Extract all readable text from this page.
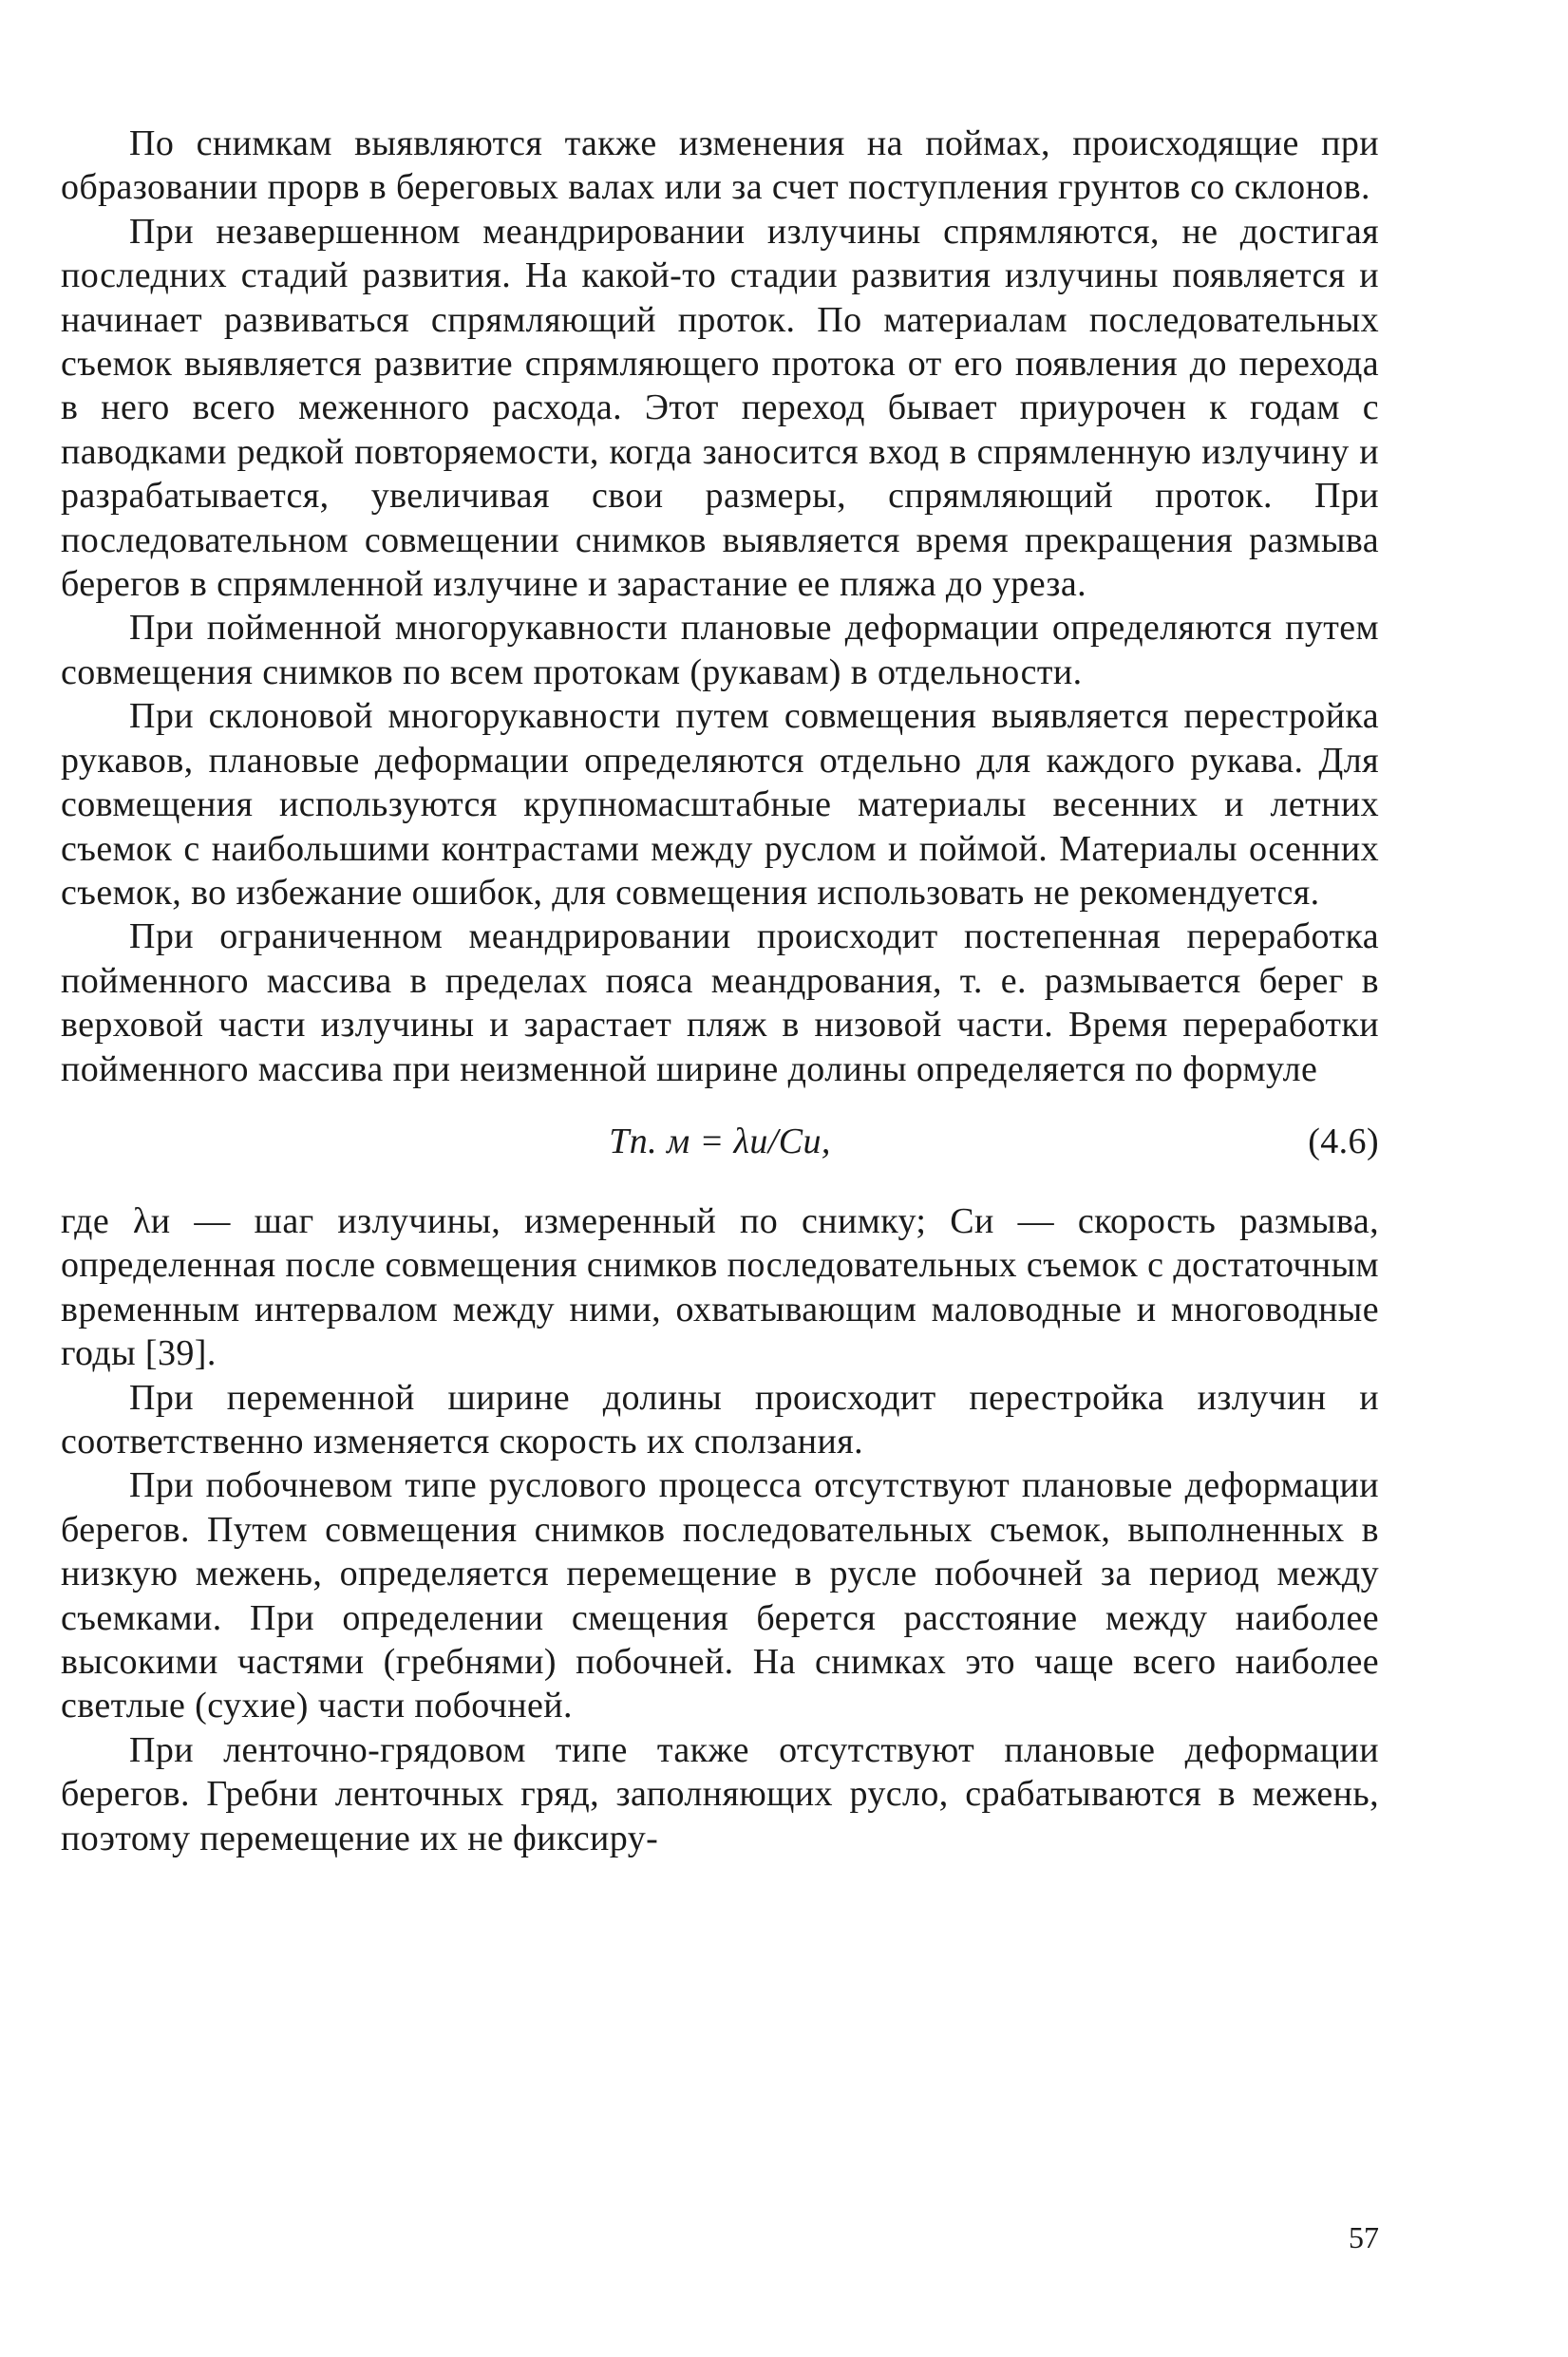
По снимкам выявляются также изменения на поймах, происходящие при образовании прорв в береговых валах или за счет поступления грунтов со склонов.

При незавершенном меандрировании излучины спрямляются, не достигая последних стадий развития. На какой-то стадии развития излучины появляется и начинает развиваться спрямляющий проток. По материалам последовательных съемок выявляется развитие спрямляющего протока от его появления до перехода в него всего меженного расхода. Этот переход бывает приурочен к годам с паводками редкой повторяемости, когда заносится вход в спрямленную излучину и разрабатывается, увеличивая свои размеры, спрямляющий проток. При последовательном совмещении снимков выявляется время прекращения размыва берегов в спрямленной излучине и зарастание ее пляжа до уреза.

При пойменной многорукавности плановые деформации определяются путем совмещения снимков по всем протокам (рукавам) в отдельности.

При склоновой многорукавности путем совмещения выявляется перестройка рукавов, плановые деформации определяются отдельно для каждого рукава. Для совмещения используются крупномасштабные материалы весенних и летних съемок с наибольшими контрастами между руслом и поймой. Материалы осенних съемок, во избежание ошибок, для совмещения использовать не рекомендуется.

При ограниченном меандрировании происходит постепенная переработка пойменного массива в пределах пояса меандрования, т. е. размывается берег в верховой части излучины и зарастает пляж в низовой части. Время переработки пойменного массива при неизменной ширине долины определяется по формуле

Tп. м = λи/Cи,	(4.6)

где λи — шаг излучины, измеренный по снимку; Cи — скорость размыва, определенная после совмещения снимков последовательных съемок с достаточным временным интервалом между ними, охватывающим маловодные и многоводные годы [39].

При переменной ширине долины происходит перестройка излучин и соответственно изменяется скорость их сползания.

При побочневом типе руслового процесса отсутствуют плановые деформации берегов. Путем совмещения снимков последовательных съемок, выполненных в низкую межень, определяется перемещение в русле побочней за период между съемками. При определении смещения берется расстояние между наиболее высокими частями (гребнями) побочней. На снимках это чаще всего наиболее светлые (сухие) части побочней.

При ленточно-грядовом типе также отсутствуют плановые деформации берегов. Гребни ленточных гряд, заполняющих русло, срабатываются в межень, поэтому перемещение их не фиксиру-

57
